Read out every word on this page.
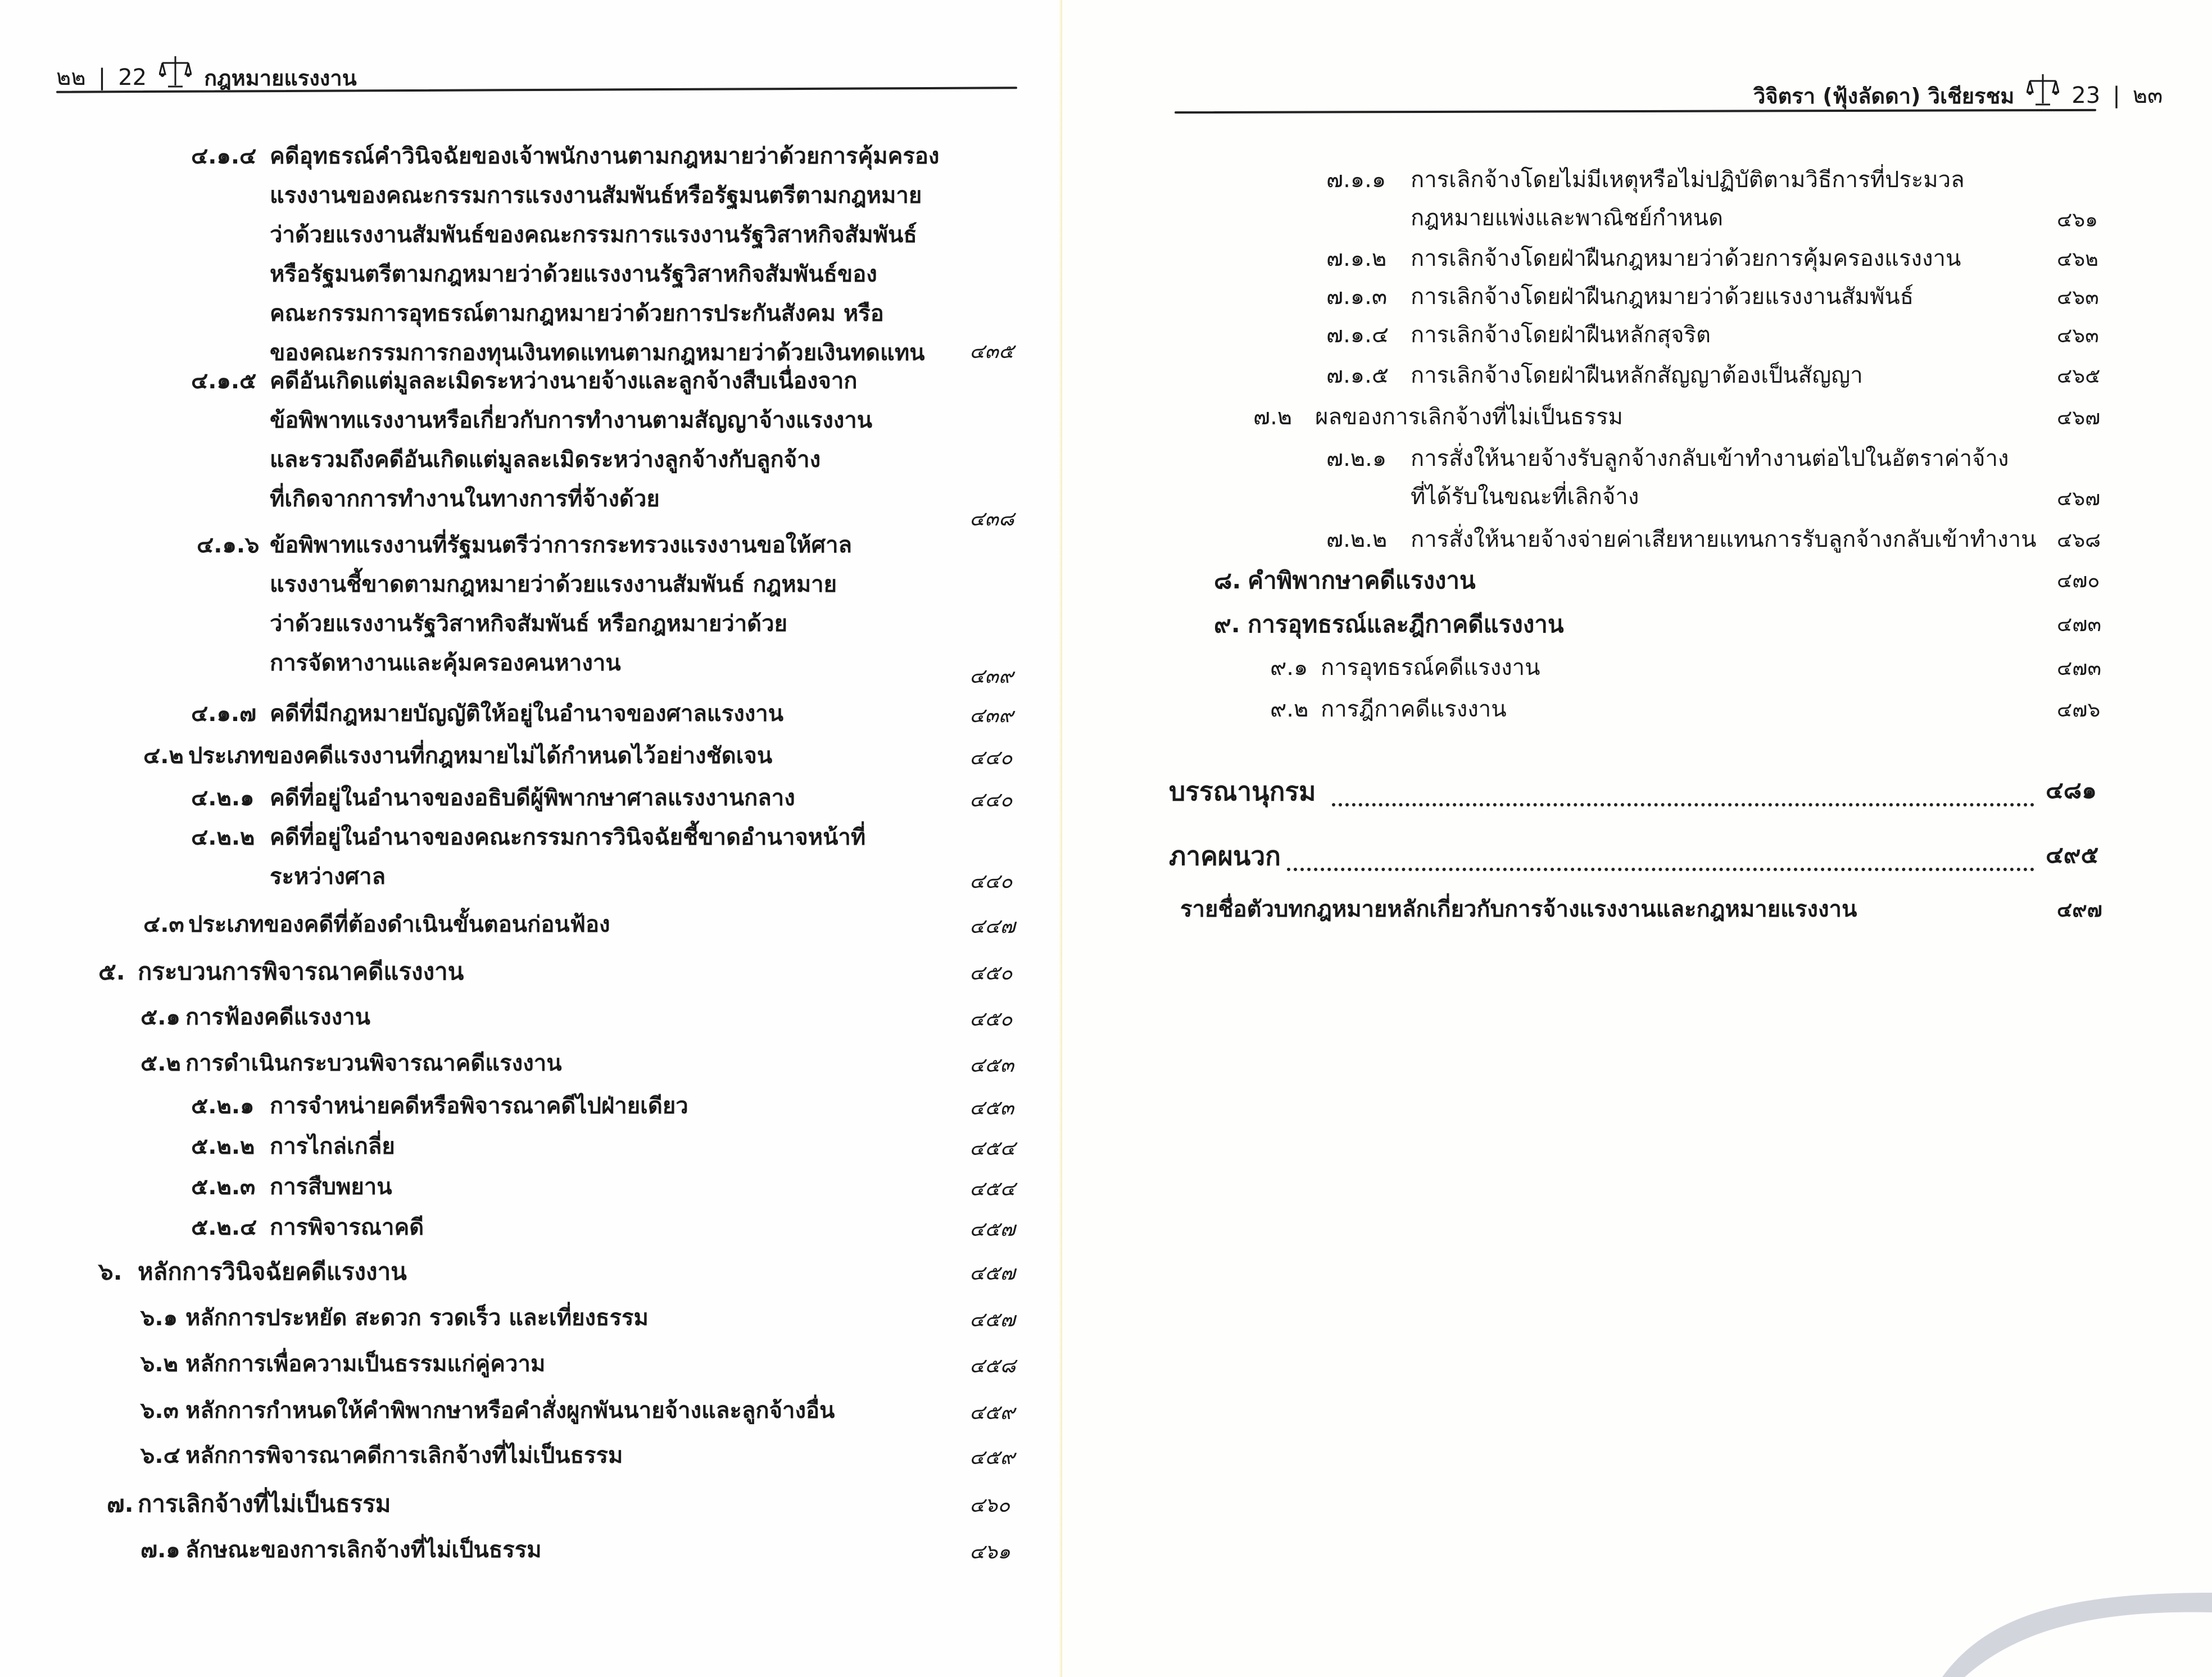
๒๒ | 22	กฎหมายแรงงาน
๔.๑.๔ คดีอุทธรณ์คำวินิจฉัยของเจ้าพนักงานตามกฎหมายว่าด้วยการคุ้มครอง
แรงงานของคณะกรรมการแรงงานสัมพันธ์หรือรัฐมนตรีตามกฎหมาย
ว่าด้วยแรงงานสัมพันธ์ของคณะกรรมการแรงงานรัฐวิสาหกิจสัมพันธ์
หรือรัฐมนตรีตามกฎหมายว่าด้วยแรงงานรัฐวิสาหกิจสัมพันธ์ของ
คณะกรรมการอุทธรณ์ตามกฎหมายว่าด้วยการประกันสังคม หรือ
ของคณะกรรมการกองทุนเงินทดแทนตามกฎหมายว่าด้วยเงินทดแทน ๔๓๕
๔.๑.๕ คดีอันเกิดแต่มูลละเมิดระหว่างนายจ้างและลูกจ้างสืบเนื่องจาก
ข้อพิพาทแรงงานหรือเกี่ยวกับการทำงานตามสัญญาจ้างแรงงาน
และรวมถึงคดีอันเกิดแต่มูลละเมิดระหว่างลูกจ้างกับลูกจ้าง
ที่เกิดจากการทำงานในทางการที่จ้างด้วย
๔๓๘
๔.๑.๖ ข้อพิพาทแรงงานที่รัฐมนตรีว่าการกระทรวงแรงงานขอให้ศาล
แรงงานชี้ขาดตามกฎหมายว่าด้วยแรงงานสัมพันธ์ กฎหมาย
ว่าด้วยแรงงานรัฐวิสาหกิจสัมพันธ์ หรือกฎหมายว่าด้วย
การจัดหางานและคุ้มครองคนหางาน
๔๓๙
๔.๑.๗ คดีที่มีกฎหมายบัญญัติให้อยู่ในอำนาจของศาลแรงงาน	๔๓๙
๔.๒ ประเภทของคดีแรงงานที่กฎหมายไม่ได้กำหนดไว้อย่างชัดเจน	๔๔๐
๔.๒.๑ คดีที่อยู่ในอำนาจของอธิบดีผู้พิพากษาศาลแรงงานกลาง	๔๔๐
๔.๒.๒ คดีที่อยู่ในอำนาจของคณะกรรมการวินิจฉัยชี้ขาดอำนาจหน้าที่
ระหว่างศาล	๔๔๐
๔.๓ ประเภทของคดีที่ต้องดำเนินขั้นตอนก่อนฟ้อง	๔๔๗
๕. กระบวนการพิจารณาคดีแรงงาน	๔๕๐
๕.๑ การฟ้องคดีแรงงาน	๔๕๐
๕.๒ การดำเนินกระบวนพิจารณาคดีแรงงาน	๔๕๓
๕.๒.๑ การจำหน่ายคดีหรือพิจารณาคดีไปฝ่ายเดียว	๔๕๓
๕.๒.๒ การไกล่เกลี่ย	๔๕๔
๕.๒.๓ การสืบพยาน	๔๕๔
๕.๒.๔ การพิจารณาคดี	๔๕๗
๖. หลักการวินิจฉัยคดีแรงงาน	๔๕๗
๖.๑ หลักการประหยัด สะดวก รวดเร็ว และเที่ยงธรรม	๔๕๗
๖.๒ หลักการเพื่อความเป็นธรรมแก่คู่ความ	๔๕๘
๖.๓ หลักการกำหนดให้คำพิพากษาหรือคำสั่งผูกพันนายจ้างและลูกจ้างอื่น	๔๕๙
๖.๔ หลักการพิจารณาคดีการเลิกจ้างที่ไม่เป็นธรรม	๔๕๙
๗. การเลิกจ้างที่ไม่เป็นธรรม	๔๖๐
๗.๑ ลักษณะของการเลิกจ้างที่ไม่เป็นธรรม	๔๖๑
วิจิตรา (ฟุ้งลัดดา) วิเชียรชม	23 | ๒๓
๗.๑.๑ การเลิกจ้างโดยไม่มีเหตุหรือไม่ปฏิบัติตามวิธีการที่ประมวล
กฎหมายแพ่งและพาณิชย์กำหนด	๔๖๑
๗.๑.๒ การเลิกจ้างโดยฝ่าฝืนกฎหมายว่าด้วยการคุ้มครองแรงงาน	๔๖๒
๗.๑.๓ การเลิกจ้างโดยฝ่าฝืนกฎหมายว่าด้วยแรงงานสัมพันธ์	๔๖๓
๗.๑.๔ การเลิกจ้างโดยฝ่าฝืนหลักสุจริต	๔๖๓
๗.๑.๕ การเลิกจ้างโดยฝ่าฝืนหลักสัญญาต้องเป็นสัญญา	๔๖๕
๗.๒ ผลของการเลิกจ้างที่ไม่เป็นธรรม	๔๖๗
๗.๒.๑ การสั่งให้นายจ้างรับลูกจ้างกลับเข้าทำงานต่อไปในอัตราค่าจ้าง
ที่ได้รับในขณะที่เลิกจ้าง	๔๖๗
๗.๒.๒ การสั่งให้นายจ้างจ่ายค่าเสียหายแทนการรับลูกจ้างกลับเข้าทำงาน ๔๖๘
๘. คำพิพากษาคดีแรงงาน	๔๗๐
๙. การอุทธรณ์และฎีกาคดีแรงงาน	๔๗๓
๙.๑ การอุทธรณ์คดีแรงงาน	๔๗๓
๙.๒ การฎีกาคดีแรงงาน	๔๗๖
บรรณานุกรม	๔๘๑
ภาคผนวก	๔๙๕
รายชื่อตัวบทกฎหมายหลักเกี่ยวกับการจ้างแรงงานและกฎหมายแรงงาน	๔๙๗
